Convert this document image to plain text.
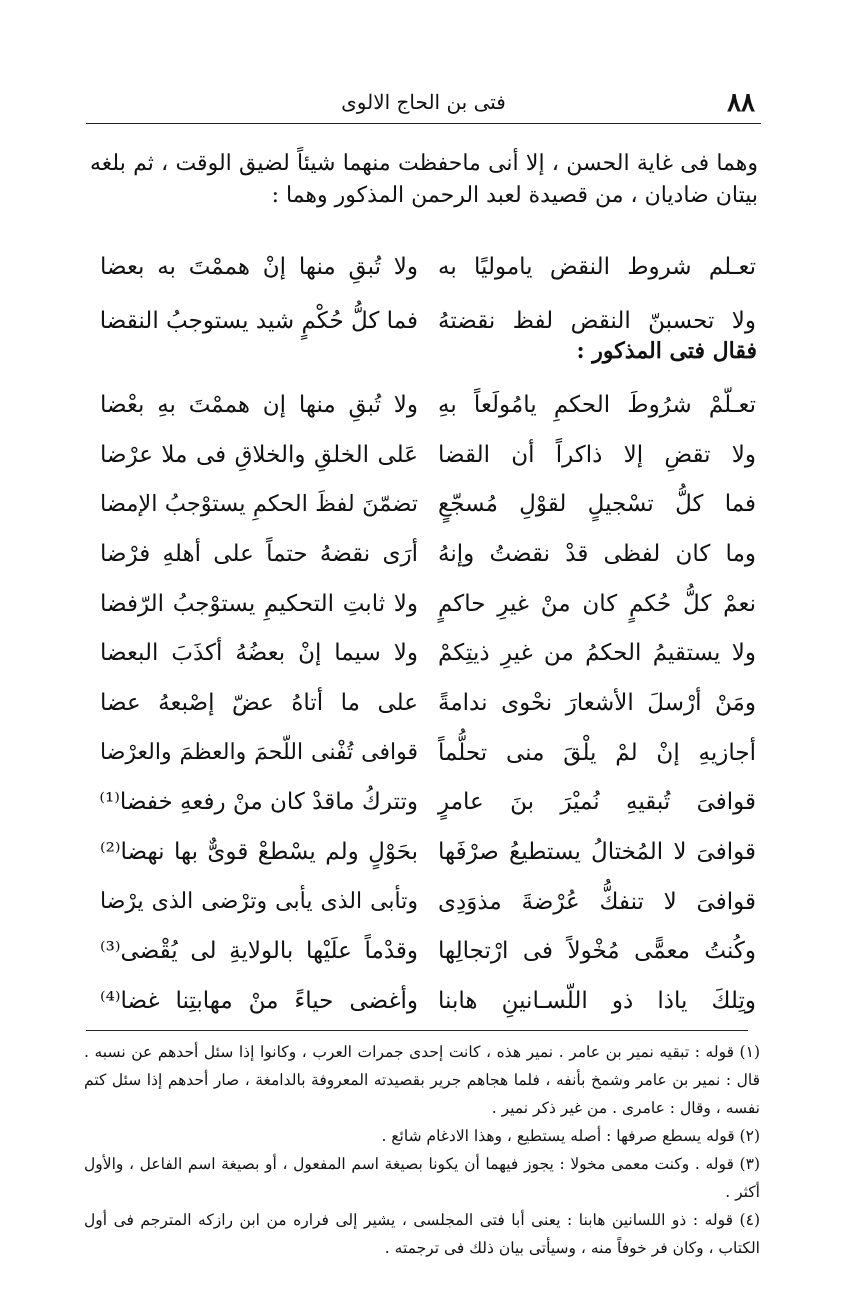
٨٨
فتى بن الحاج الالوى
وهما فى غاية الحسن ، إلا أنى ماحفظت منهما شيئاً لضيق الوقت ، ثم بلغه بيتان ضاديان ، من قصيدة لعبد الرحمن المذكور وهما :
تعـلم شروط النقض ياموليًا به
ولا تُبقِ منها إنْ هممْتَ به بعضا
ولا تحسبنّ النقض لفظ نقضتهُ
فما كلُّ حُكْمٍ شيد يستوجبُ النقضا
فقال فتى المذكور :
تعـلّمْ شرُوطَ الحكمِ يامُولَعاً بهِ
ولا تُبقِ منها إن هممْتَ بهِ بعْضا
ولا تقضِ إلا ذاكراً أن القضا
عَلى الخلقِ والخلاقِ فى ملا عرْضا
فما كلُّ تسْجيلٍ لقوْلِ مُسجّعٍ
تضمّنَ لفظَ الحكمِ يستوْجبُ الإمضا
وما كان لفظى قدْ نقضتُ وإنهُ
أرَى نقضهُ حتماً على أهلهِ فرْضا
نعمْ كلُّ حُكمٍ كان منْ غيرِ حاكمٍ
ولا ثابتِ التحكيمِ يستوْجبُ الرّفضا
ولا يستقيمُ الحكمُ من غيرِ ذيتِكمْ
ولا سيما إنْ بعضُهُ أكذَبَ البعضا
ومَنْ أرْسلَ الأشعارَ نحْوى ندامةً
على ما أتاهُ عضّ إصْبعهُ عضا
أجازيهِ إنْ لمْ يلْقَ منى تحلُّماً
قوافى تُفْنى اللّحمَ والعظمَ والعرْضا
قوافىَ تُبقيهِ نُميْرَ بنَ عامرٍ
وتتركُ ماقدْ كان منْ رفعهِ خفضا⁽¹⁾
قوافىَ لا المُختالُ يستطيعُ صرْفَها
بحَوْلٍ ولم يسْطعْ قوىٌّ بها نهضا⁽²⁾
قوافىَ لا تنفكُّ عُرْضةَ مذوَدِى
وتأبى الذى يأبى وترْضى الذى يرْضا
وكُنتُ معمًّى مُخْولاً فى ارْتجالِها
وقدْماً علَيْها بالولايةِ لى يُقْضى⁽³⁾
وتِلكَ ياذا ذو اللّسـانينِ هابنا
وأغضى حياءً منْ مهابتِنا غضا⁽⁴⁾
(١) قوله : تبقيه نمير بن عامر . نمير هذه ، كانت إحدى جمرات العرب ، وكانوا إذا سئل أحدهم عن نسبه . قال : نمير بن عامر وشمخ بأنفه ، فلما هجاهم جرير بقصيدته المعروفة بالدامغة ، صار أحدهم إذا سئل كتم نفسه ، وقال : عامرى . من غير ذكر نمير .
(٢) قوله يسطع صرفها : أصله يستطيع ، وهذا الادغام شائع .
(٣) قوله . وكنت معمى مخولا : يجوز فيهما أن يكونا بصيغة اسم المفعول ، أو بصيغة اسم الفاعل ، والأول أكثر .
(٤) قوله : ذو اللسانين هابنا : يعنى أبا فتى المجلسى ، يشير إلى فراره من ابن رازكه المترجم فى أول الكتاب ، وكان فر خوفاً منه ، وسيأتى بيان ذلك فى ترجمته .
